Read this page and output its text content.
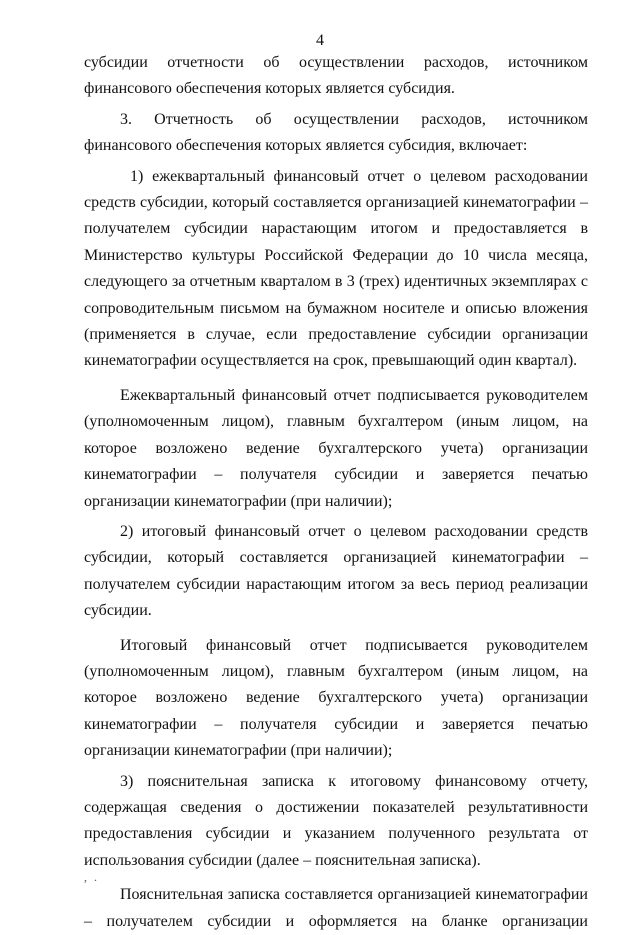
4

субсидии отчетности об осуществлении расходов, источником финансового обеспечения которых является субсидия.

3. Отчетность об осуществлении расходов, источником финансового обеспечения которых является субсидия, включает:

1) ежеквартальный финансовый отчет о целевом расходовании средств субсидии, который составляется организацией кинематографии – получателем субсидии нарастающим итогом и предоставляется в Министерство культуры Российской Федерации до 10 числа месяца, следующего за отчетным кварталом в 3 (трех) идентичных экземплярах с сопроводительным письмом на бумажном носителе и описью вложения (применяется в случае, если предоставление субсидии организации кинематографии осуществляется на срок, превышающий один квартал).

Ежеквартальный финансовый отчет подписывается руководителем (уполномоченным лицом), главным бухгалтером (иным лицом, на которое возложено ведение бухгалтерского учета) организации кинематографии – получателя субсидии и заверяется печатью организации кинематографии (при наличии);

2) итоговый финансовый отчет о целевом расходовании средств субсидии, который составляется организацией кинематографии – получателем субсидии нарастающим итогом за весь период реализации субсидии.

Итоговый финансовый отчет подписывается руководителем (уполномоченным лицом), главным бухгалтером (иным лицом, на которое возложено ведение бухгалтерского учета) организации кинематографии – получателя субсидии и заверяется печатью организации кинематографии (при наличии);

3) пояснительная записка к итоговому финансовому отчету, содержащая сведения о достижении показателей результативности предоставления субсидии и указанием полученного результата от использования субсидии (далее – пояснительная записка).

Пояснительная записка составляется организацией кинематографии – получателем субсидии и оформляется на бланке организации

, .
